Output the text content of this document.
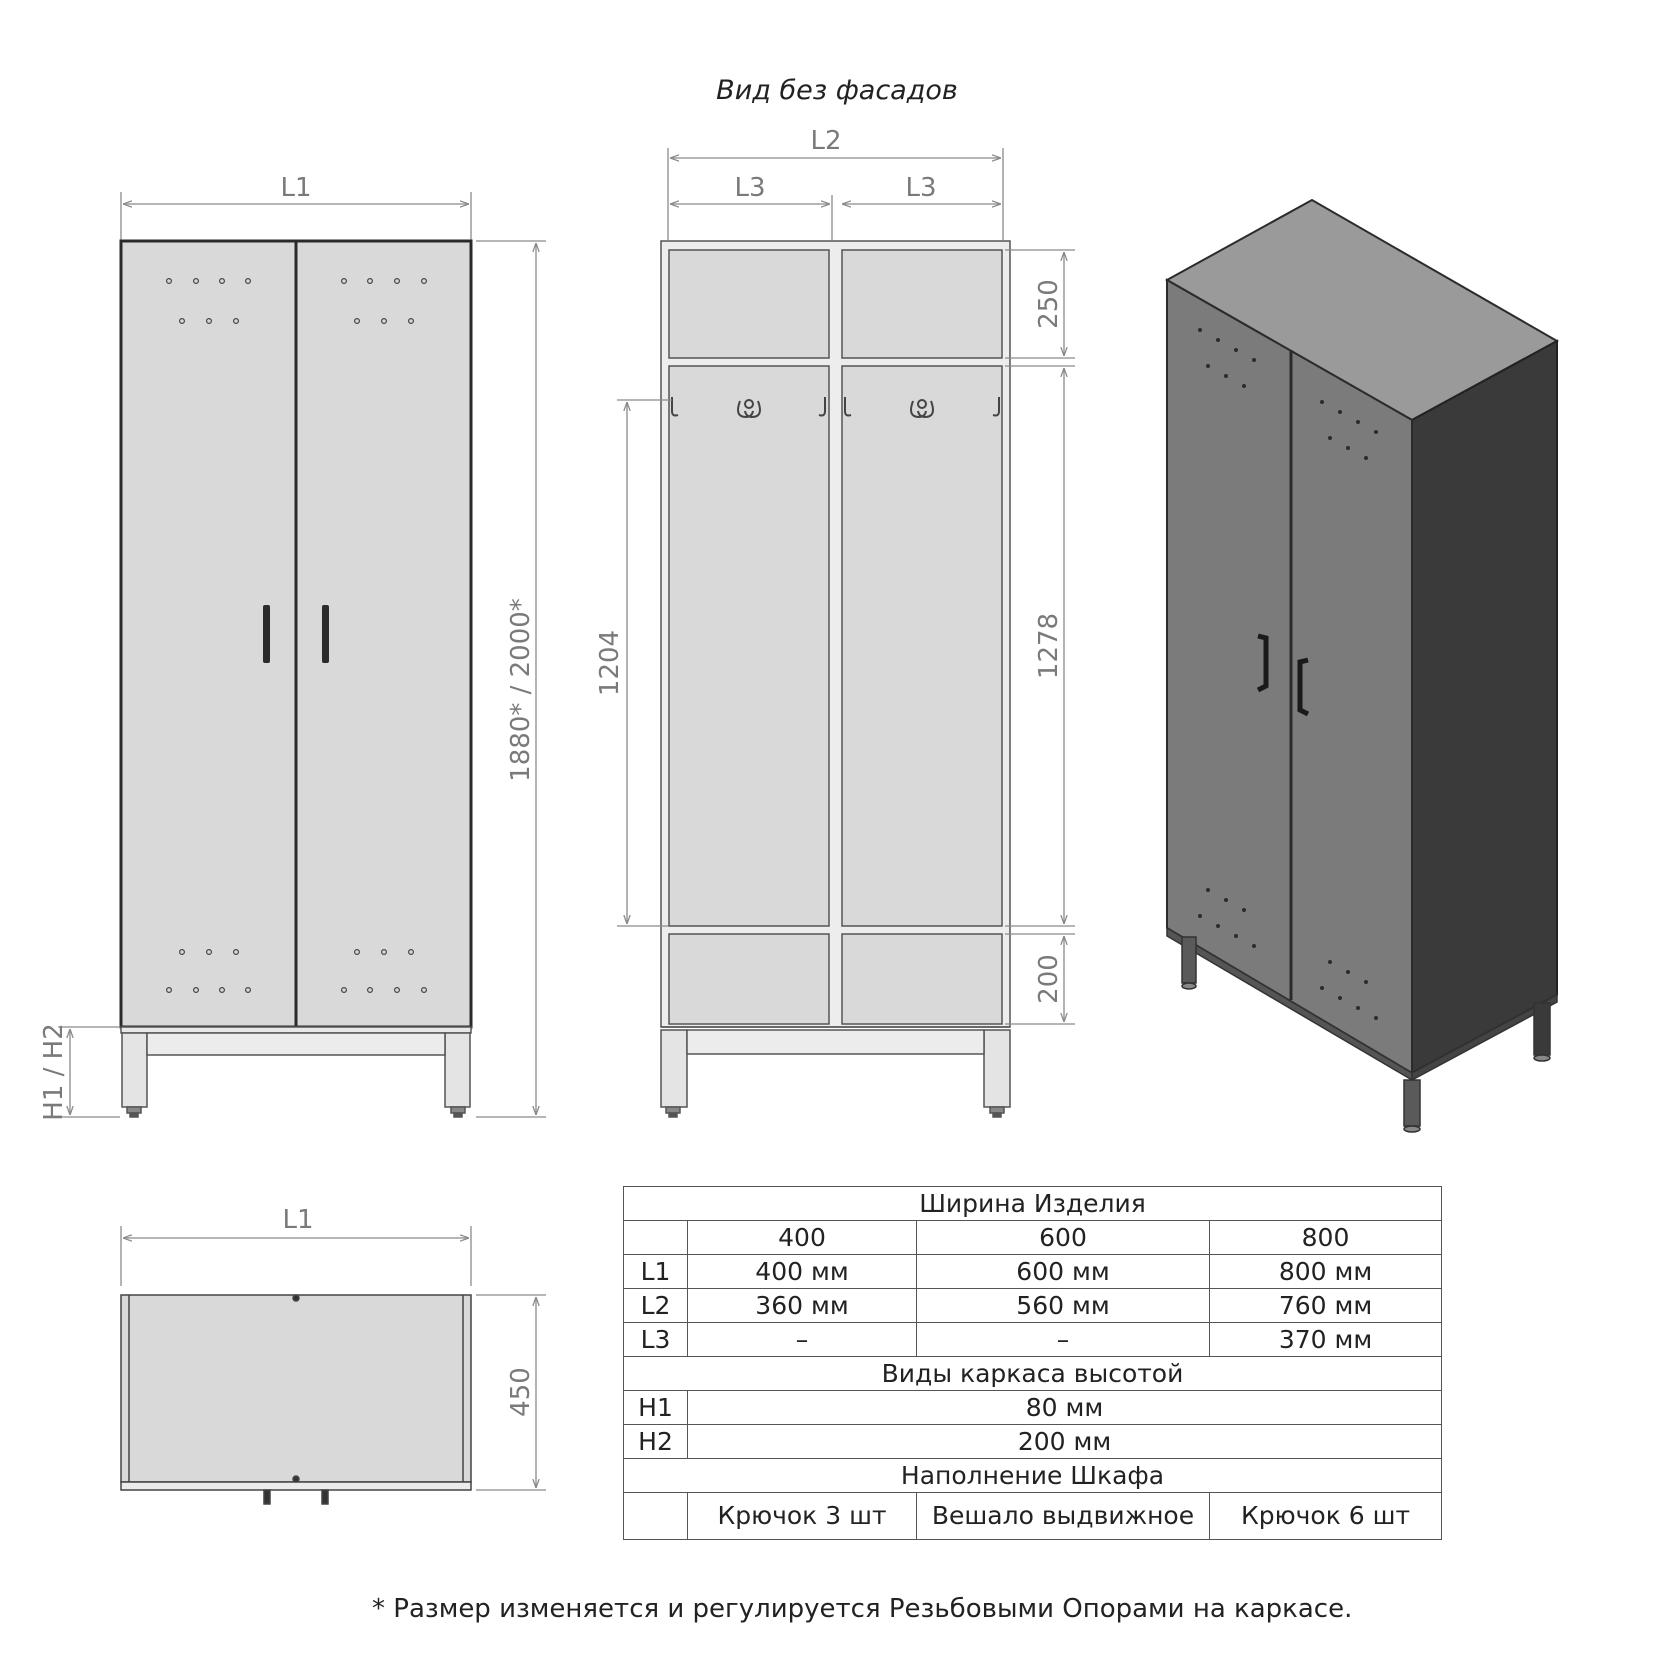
L1
1880* / 2000*
H1 / H2
Вид без фасадов
L2
L3	L3
250
1278
200
1204
L1
450
Ширина Изделия			
	400	600	800
L1	400 мм	600 мм	800 мм
L2	360 мм	560 мм	760 мм
L3	–	–	370 мм
Виды каркаса высотой			
H1	80 мм		
H2	200 мм		
Наполнение Шкафа			
	Крючок 3 шт	Вешало выдвижное	Крючок 6 шт
* Размер изменяется и регулируется Резьбовыми Опорами на каркасе.
